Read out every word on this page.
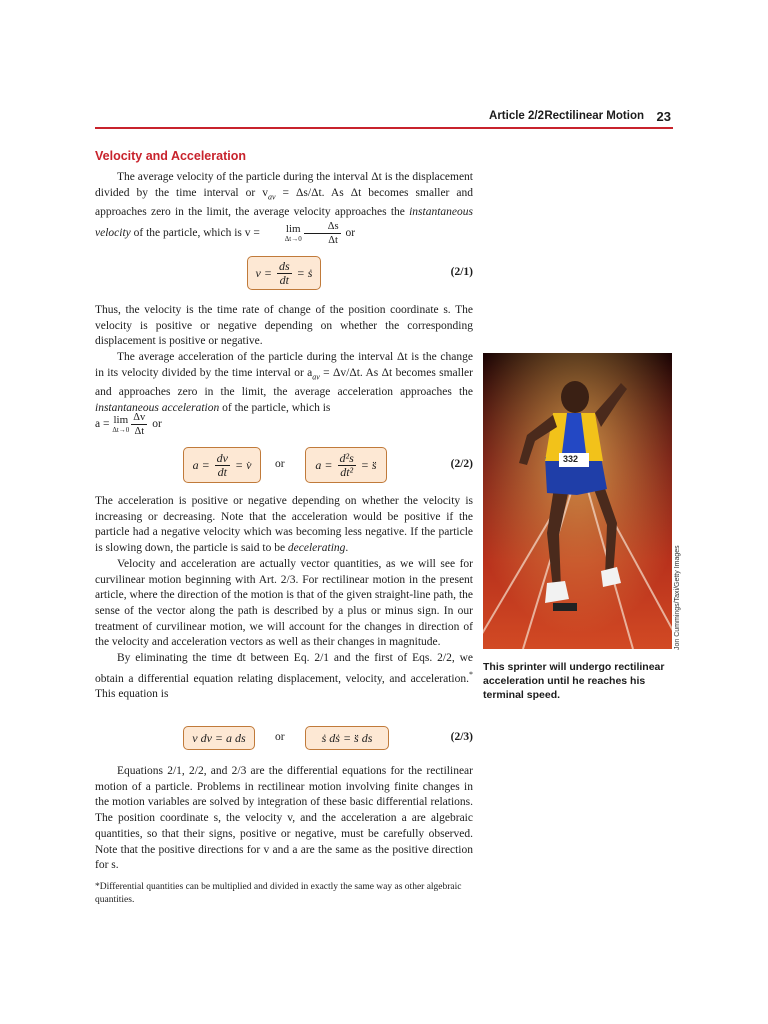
Article 2/2 Rectilinear Motion 23
Velocity and Acceleration

The average velocity of the particle during the interval Δt is the displacement divided by the time interval or $v_{av} = \Delta s/\Delta t$. As Δt becomes smaller and approaches zero in the limit, the average velocity approaches the instantaneous velocity of the particle, which is v =	lim
$\Delta t\to 0 \frac{\Delta s}{\Delta t}$ or

v =
$\frac{ds}{dt}$
= ṡ	(2/1)

Thus, the velocity is the time rate of change of the position coordinate s. The velocity is positive or negative depending on whether the corresponding displacement is positive or negative.

The average acceleration of the particle during the interval Δt is the change in its velocity divided by the time interval or $a_{av} = \Delta v/\Delta t$. As Δt becomes smaller and approaches zero in the limit, the average acceleration approaches the instantaneous acceleration of the particle, which is

a = lim
$\Delta t\to 0 \frac{\Delta v}{\Delta t}$ or

a =
$\frac{dv}{dt}$
= v̇ or	a =
$\frac{\text{d²s}}{\text{dt²}}$
= s̈	(2/2)

The acceleration is positive or negative depending on whether the velocity is increasing or decreasing. Note that the acceleration would be positive if the particle had a negative velocity which was becoming less negative. If the particle is slowing down, the particle is said to be decelerating.

Velocity and acceleration are actually vector quantities, as we will see for curvilinear motion beginning with Art. 2/3. For rectilinear motion in the present article, where the direction of the motion is that of the given straight-line path, the sense of the vector along the path is described by a plus or minus sign. In our treatment of curvilinear motion, we will account for the changes in direction of the velocity and acceleration vectors as well as their changes in magnitude.

By eliminating the time dt between Eq. 2/1 and the first of Eqs. 2/2, we obtain a differential equation relating displacement, velocity, and acceleration.* This equation is

v dv = a ds	or	ṡ dṡ = s̈ ds	(2/3)

Equations 2/1, 2/2, and 2/3 are the differential equations for the rectilinear motion of a particle. Problems in rectilinear motion involving finite changes in the motion variables are solved by integration of these basic differential relations. The position coordinate s, the velocity v, and the acceleration a are algebraic quantities, so that their signs, positive or negative, must be carefully observed. Note that the positive directions for v and a are the same as the positive direction for s.

*Differential quantities can be multiplied and divided in exactly the same way as other algebraic quantities.
332
Jon Cummings/Taxi/Getty Images
This sprinter will undergo rectilinear acceleration until he reaches his terminal speed.
